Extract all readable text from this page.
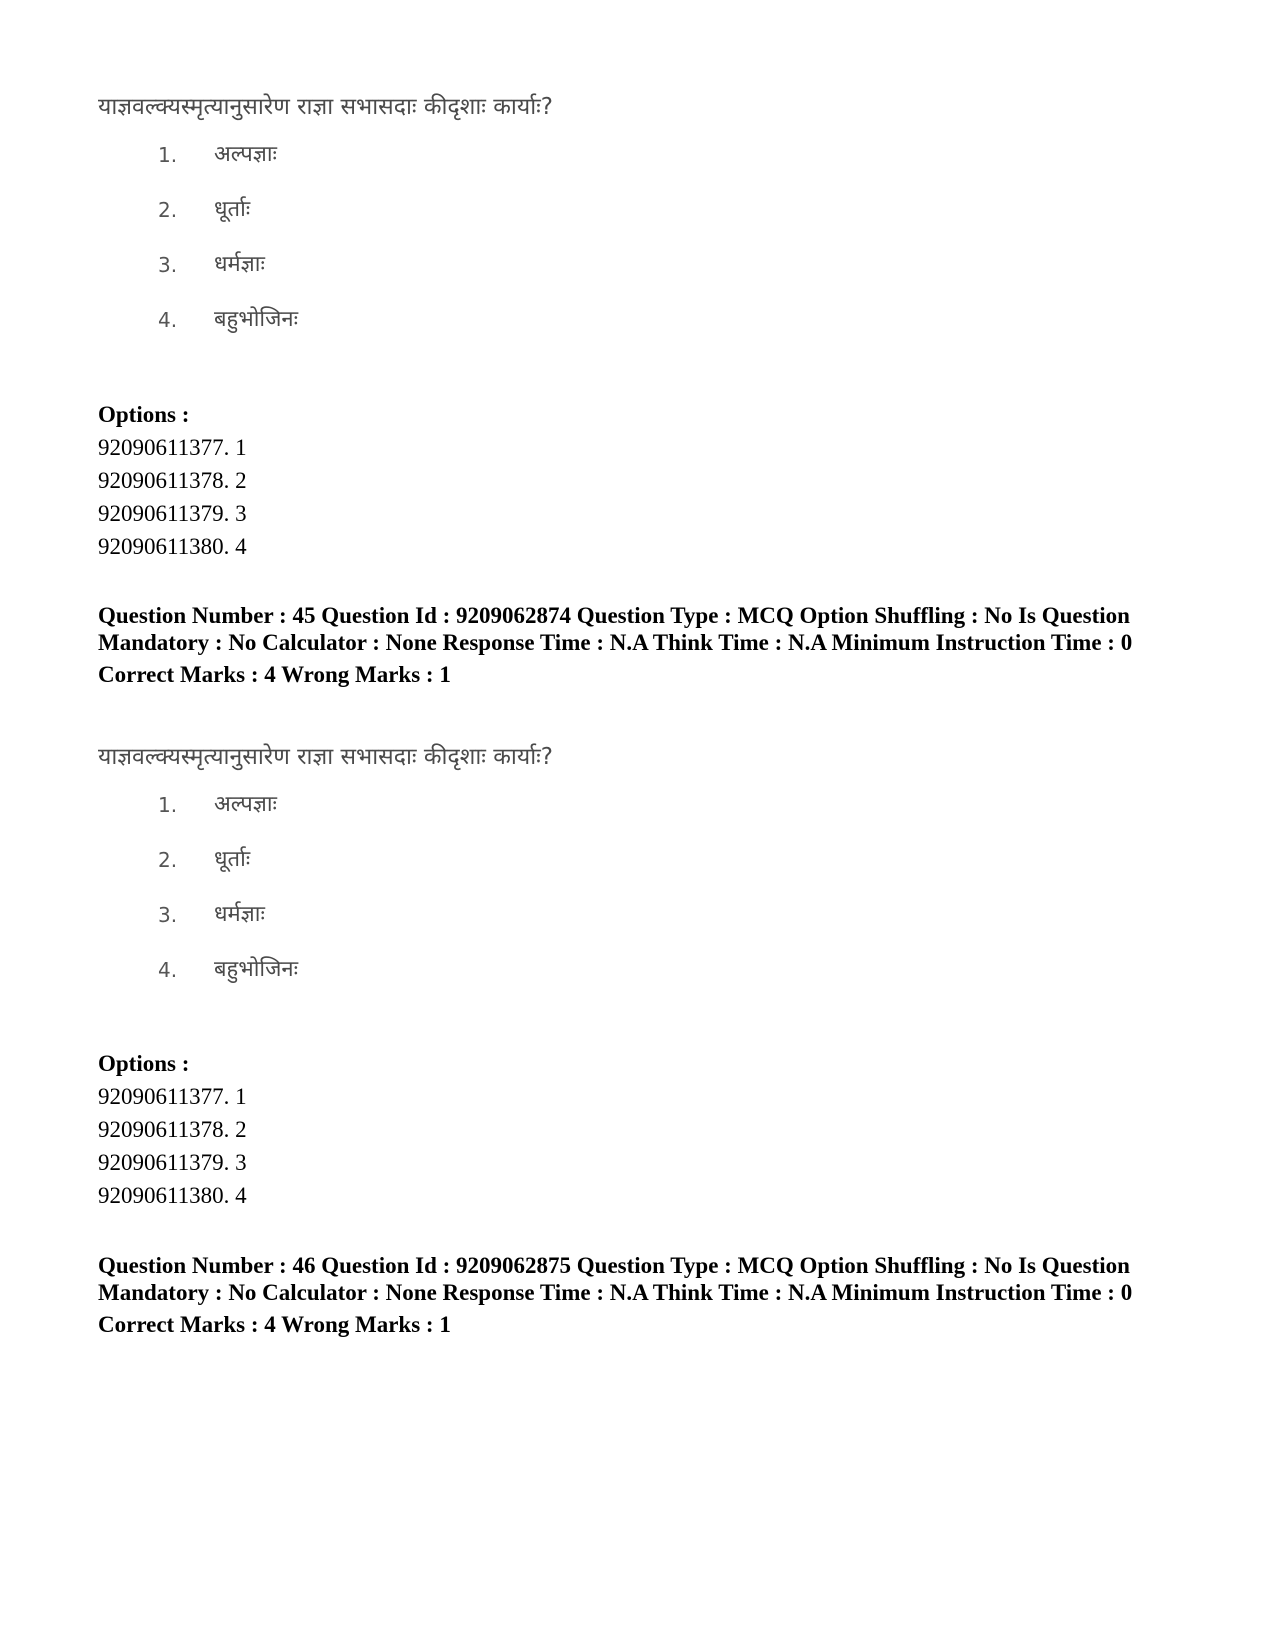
याज्ञवल्क्यस्मृत्यानुसारेण राज्ञा सभासदाः कीदृशाः कार्याः?

1.	अल्पज्ञाः
2.	धूर्ताः
3.	धर्मज्ञाः
4.	बहुभोजिनः

Options :

92090611377. 1

92090611378. 2

92090611379. 3

92090611380. 4

Question Number : 45 Question Id : 9209062874 Question Type : MCQ Option Shuffling : No Is Question Mandatory : No Calculator : None Response Time : N.A Think Time : N.A Minimum Instruction Time : 0

Correct Marks : 4 Wrong Marks : 1

याज्ञवल्क्यस्मृत्यानुसारेण राज्ञा सभासदाः कीदृशाः कार्याः?

1.	अल्पज्ञाः
2.	धूर्ताः
3.	धर्मज्ञाः
4.	बहुभोजिनः

Options :

92090611377. 1

92090611378. 2

92090611379. 3

92090611380. 4

Question Number : 46 Question Id : 9209062875 Question Type : MCQ Option Shuffling : No Is Question Mandatory : No Calculator : None Response Time : N.A Think Time : N.A Minimum Instruction Time : 0

Correct Marks : 4 Wrong Marks : 1
